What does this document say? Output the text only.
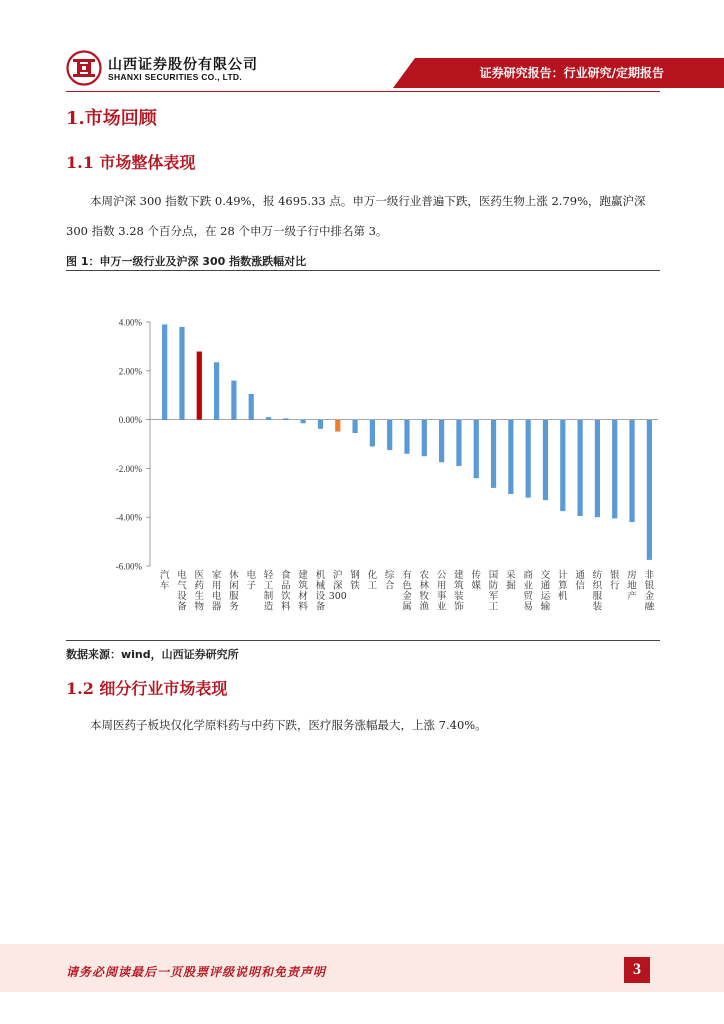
山西证券股份有限公司
SHANXI SECURITIES CO., LTD.	证券研究报告：行业研究/定期报告
1.市场回顾
1.1 市场整体表现
本周沪深 300 指数下跌 0.49%，报 4695.33 点。申万一级行业普遍下跌，医药生物上涨 2.79%，跑赢沪深 300 指数 3.28 个百分点，在 28 个申万一级子行中排名第 3。
图 1：申万一级行业及沪深 300 指数涨跌幅对比
4.00%
2.00%
0.00%
-2.00%
-4.00%
-6.00%
汽车
电气设备
医药生物
家用电器
休闲服务
电子
轻工制造
食品饮料
建筑材料
机械设备
沪深 300
钢铁
化工
综合
有色金属
农林牧渔
公用事业
建筑装饰
传媒
国防军工
采掘
商业贸易
交通运输
计算机
通信
纺织服装
银行
房地产
非银金融
数据来源：wind，山西证券研究所
1.2 细分行业市场表现
本周医药子板块仅化学原料药与中药下跌，医疗服务涨幅最大，上涨 7.40%。
请务必阅读最后一页股票评级说明和免责声明	3
